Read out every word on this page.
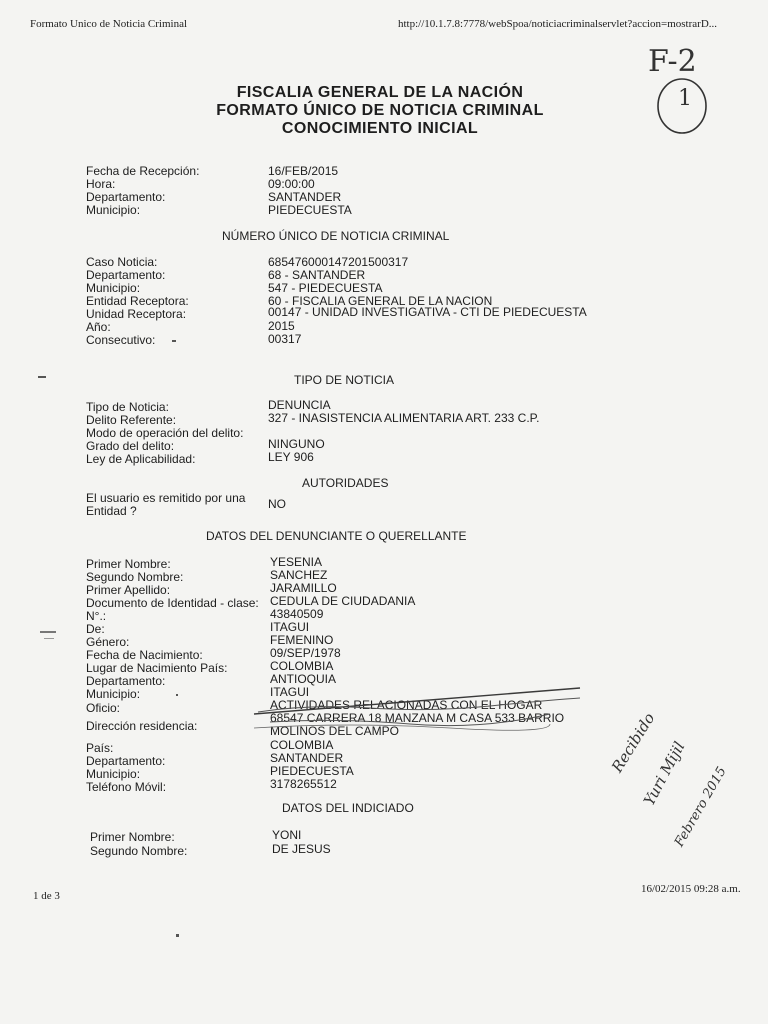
Formato Unico de Noticia Criminal	http://10.1.7.8:7778/webSpoa/noticiacriminalservlet?accion=mostrarD...
F-2
1
FISCALIA GENERAL DE LA NACIÓN
FORMATO ÚNICO DE NOTICIA CRIMINAL
CONOCIMIENTO INICIAL
Fecha de Recepción:	16/FEB/2015
Hora:	09:00:00
Departamento:	SANTANDER
Municipio:	PIEDECUESTA
NÚMERO ÚNICO DE NOTICIA CRIMINAL
Caso Noticia:	685476000147201500317
Departamento:	68 - SANTANDER
Municipio:	547 - PIEDECUESTA
Entidad Receptora:	60 - FISCALIA GENERAL DE LA NACION
Unidad Receptora:	00147 - UNIDAD INVESTIGATIVA - CTI DE PIEDECUESTA
Año:	2015
Consecutivo:	00317
TIPO DE NOTICIA
Tipo de Noticia:	DENUNCIA
Delito Referente:	327 - INASISTENCIA ALIMENTARIA ART. 233 C.P.
Modo de operación del delito:
Grado del delito:	NINGUNO
Ley de Aplicabilidad:	LEY 906
AUTORIDADES
El usuario es remitido por una
Entidad ?	NO
DATOS DEL DENUNCIANTE O QUERELLANTE
Primer Nombre:	YESENIA
Segundo Nombre:	SANCHEZ
Primer Apellido:	JARAMILLO
Documento de Identidad - clase: CEDULA DE CIUDADANIA
N°.:	43840509
De:	ITAGUI
Género:	FEMENINO
Fecha de Nacimiento:	09/SEP/1978
Lugar de Nacimiento País:	COLOMBIA
Departamento:	ANTIOQUIA
Municipio:	ITAGUI
Oficio:	ACTIVIDADES RELACIONADAS CON EL HOGAR
Dirección residencia:
68547 CARRERA 18 MANZANA M CASA 533 BARRIO
MOLINOS DEL CAMPO
País:	COLOMBIA
Departamento:	SANTANDER
Municipio:	PIEDECUESTA
Teléfono Móvil:	3178265512
DATOS DEL INDICIADO
Primer Nombre:	YONI
Segundo Nombre:	DE JESUS
Recibido
Yuri Mijil
Febrero 2015
1 de 3
16/02/2015 09:28 a.m.
